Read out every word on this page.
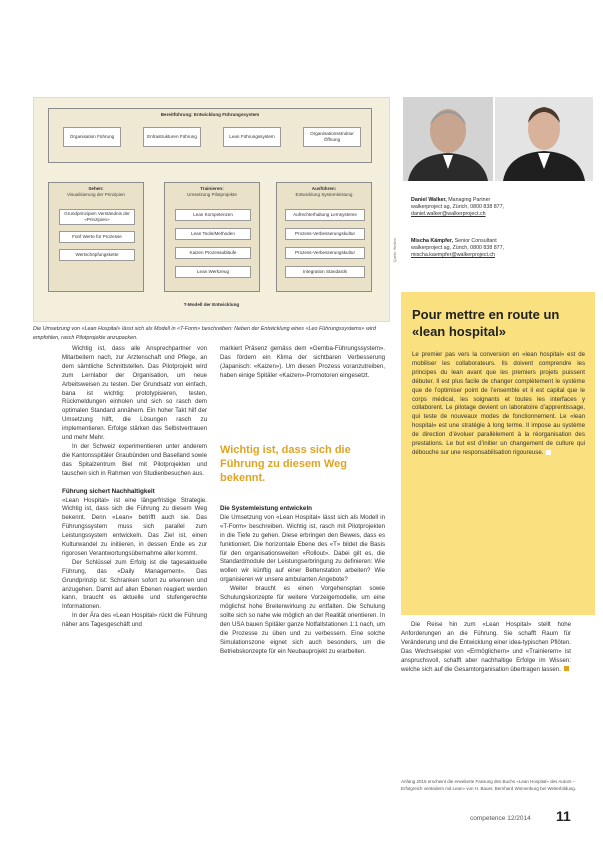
Bereitführung: Entwicklung Führungssystem
Organisation Führung	Enfrastrukturen Führung	Lean Führungssystem
Organisationsstruktur Öffnung
Sehen:
Visualisierung der Prinzipien
Grundprinzipien Verständnis der «Prinzipien»
Fünf Werte für Prozesse
Wertschöpfungskette
Trainieren:
Umsetzung Pilotprojekte
Lean Kompetenzen
Lean Tools/Methoden
Kaizen Prozessabläufe
Lean Werkzeug
Ausführen:
Entwicklung Systemleistung
Aufrechterhaltung Lernsysteme
Prozess-Verbesserungskultur
Prozess-Verbesserungskultur
Integration Standards
T-Modell der Entwicklung
Quelle: Weitere
Die Umsetzung von «Lean Hospital» lässt sich als Modell in «T-Form» beschreiben: Neben der Entwicklung eines «Leo Führungssystems» wird empfohlen, rasch Pilotprojekte anzupacken.

Wichtig ist, dass alle Ansprechpartner von Mitarbeitern nach, zur Arztenschaft und Pflege, an dem sämtliche Schnittstellen. Das Pilotprojekt wird zum Lernlabor der Organisation, um neue Arbeitsweisen zu testen. Der Grundsatz von einfach, bana ist wichtig: prototypisieren, testen, Rückmeldungen einholen und sich so rasch dem optimalen Standard annähern. Ein hoher Takt hilf der Umsetzung hilft, die Lösungen rasch zu implementieren. Erfolge stärken das Selbstvertrauen und mehr Mehr.

In der Schweiz experimentieren unter anderem die Kantonsspitäler Graubünden und Baselland sowie das Spitalzentrum Biel mit Pilotprojekten und tauschen sich in Rahmen von Studienbesuchen aus.

Führung sichert Nachhaltigkeit

«Lean Hospital» ist eine längerfristige Strategie. Wichtig ist, dass sich die Führung zu diesem Weg bekennt. Denn «Lean» betrifft auch sie. Das Führungssystem muss sich parallel zum Leistungssystem entwickeln. Das Ziel ist, einen Kulturwandel zu initiieren, in dessen Ende es zur rigorosen Verantwortungsübernahme aller kommt.

Der Schlüssel zum Erfolg ist die tagesaktuelle Führung, das «Daily Management». Das Grundprinzip ist: Schranken sofort zu erkennen und anzugehen. Damit auf allen Ebenen reagiert werden kann, braucht es aktuelle und stufengerechte Informationen.

In der Ära des «Lean Hospital» rückt die Führung näher ans Tagesgeschäft und

markiert Präsenz gemäss dem «Gemba-Führungssystem». Das fördern ein Klima der sichtbaren Verbesserung (Japanisch: «Kaizen»). Um diesen Prozess voranzutreiben, haben einige Spitäler «Kaizen»-Promotoren eingesetzt.

Wichtig ist, dass sich die Führung zu diesem Weg bekennt.
Die Systemleistung entwickeln

Die Umsetzung von «Lean Hospital» lässt sich als Modell in «T-Form» beschreiben. Wichtig ist, rasch mit Pilotprojekten in die Tiefe zu gehen. Diese erbringen den Beweis, dass es funktioniert. Die horizontale Ebene des «T» bildet die Basis für den organisationsweiten «Rollout». Dabei gilt es, die Standardmodule der Leistungserbringung zu definieren: Wie wollen wir künftig auf einer Bettenstation arbeiten? Wie organisieren wir unsere ambulanten Angebote?

Weiter braucht es einen Vorgehensplan sowie Schulungskonzepte für weitere Vorzeigemodelle, um eine möglichst hohe Breitenwirkung zu entfalten. Die Schulung sollte sich so nahe wie möglich an der Realität orientieren. In den USA bauen Spitäler ganze Notfallstationen 1:1 nach, um die Prozesse zu üben und zu verbessern. Eine solche Simulationszone eignet sich auch besonders, um die Betriebskonzepte für ein Neubauprojekt zu erarbeiten.

Daniel Walker, Managing Partner
walkerproject ag, Zürich, 0800 838 877,
daniel.walker@walkerproject.ch
Mischa Kämpfer, Senior Consultant
walkerproject ag, Zürich, 0800 838 877,
mischa.kaempfer@walkerproject.ch
Pour mettre en route un «lean hospital»
Le premier pas vers la conversion en «lean hospital» est de mobiliser les collaborateurs. Ils doivent comprendre les principes du lean avant que les premiers projets puissent débuter. Il est plus facile de changer complètement le système que de l’optimiser point de l’ensemble et il est capital que le corps médical, les soignants et toutes les interfaces y collaborent. Le pilotage devient un laboratoire d’apprentissage, qui teste de nouveaux modes de fonctionnement. Le «lean hospital» est une stratégie à long terme. Il impose au système de direction d’évoluer parallèlement à la réorganisation des prestations. Le but est d’initier un changement de culture qui débouche sur une responsabilisation rigoureuse.

Die Reise hin zum «Lean Hospital» stellt hohe Anforderungen an die Führung. Sie schafft Raum für Veränderung und die Entwicklung einer idea-typischen Pflöten. Das Wechselspiel von «Ermöglichern» und «Trainierern» ist anspruchsvoll, schafft aber nachhaltige Erfolge im Wissen: welche sich auf die Gesamtorganisation übertragen lassen.

Anfang 2015 erscheint die erweiterte Fassung des Buchs «Lean Hospital» des Autors – Erfolgreich verändern mit Lean» von H. Bauer, Bernhard Winnenburg bei Weiterbildung.
competence 12/2014 11
